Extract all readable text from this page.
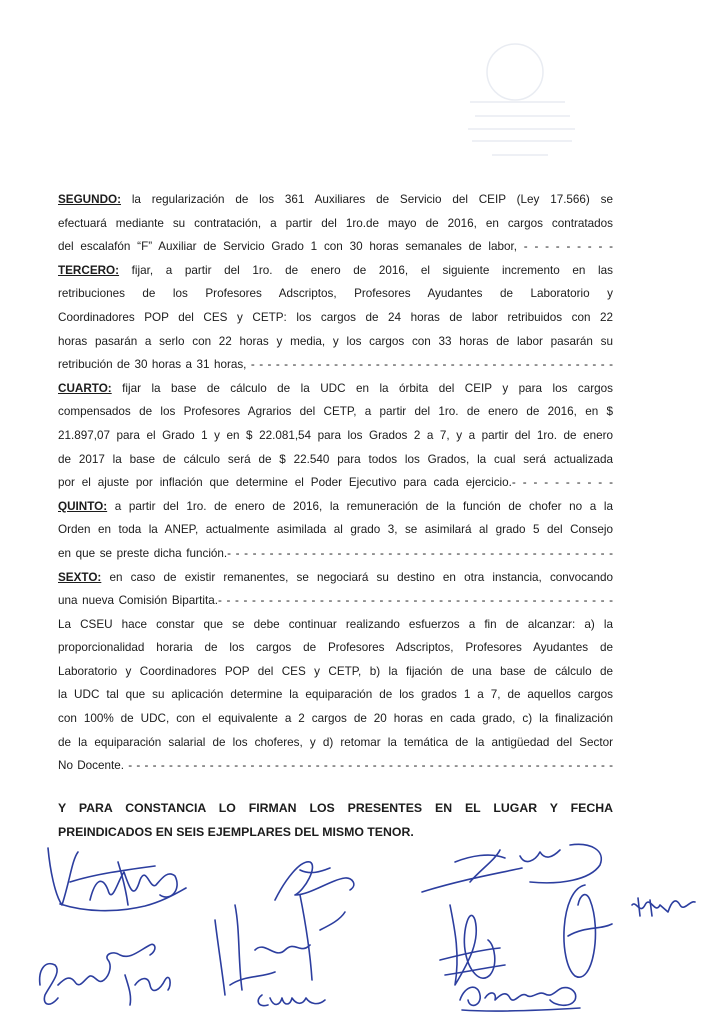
SEGUNDO: la regularización de los 361 Auxiliares de Servicio del CEIP (Ley 17.566) se
efectuará mediante su contratación, a partir del 1ro.de mayo de 2016, en cargos contratados
del escalafón “F” Auxiliar de Servicio Grado 1 con 30 horas semanales de labor, - - - - - - - - -
TERCERO: fijar, a partir del 1ro. de enero de 2016, el siguiente incremento en las
retribuciones de los Profesores Adscriptos, Profesores Ayudantes de Laboratorio y
Coordinadores POP del CES y CETP: los cargos de 24 horas de labor retribuidos con 22
horas pasarán a serlo con 22 horas y media, y los cargos con 33 horas de labor pasarán su
retribución de 30 horas a 31 horas, - - - - - - - - - - - - - - - - - - - - - - - - - - - - - - - - - - - - - - - - - - - -
CUARTO: fijar la base de cálculo de la UDC en la órbita del CEIP y para los cargos
compensados de los Profesores Agrarios del CETP, a partir del 1ro. de enero de 2016, en $
21.897,07 para el Grado 1 y en $ 22.081,54 para los Grados 2 a 7, y a partir del 1ro. de enero
de 2017 la base de cálculo será de $ 22.540 para todos los Grados, la cual será actualizada
por el ajuste por inflación que determine el Poder Ejecutivo para cada ejercicio.- - - - - - - - - -
QUINTO: a partir del 1ro. de enero de 2016, la remuneración de la función de chofer no a la
Orden en toda la ANEP, actualmente asimilada al grado 3, se asimilará al grado 5 del Consejo
en que se preste dicha función.- - - - - - - - - - - - - - - - - - - - - - - - - - - - - - - - - - - - - - - - - - - - - -
SEXTO: en caso de existir remanentes, se negociará su destino en otra instancia, convocando
una nueva Comisión Bipartita.- - - - - - - - - - - - - - - - - - - - - - - - - - - - - - - - - - - - - - - - - - - - - - -
La CSEU hace constar que se debe continuar realizando esfuerzos a fin de alcanzar: a) la
proporcionalidad horaria de los cargos de Profesores Adscriptos, Profesores Ayudantes de
Laboratorio y Coordinadores POP del CES y CETP, b) la fijación de una base de cálculo de
la UDC tal que su aplicación determine la equiparación de los grados 1 a 7, de aquellos cargos
con 100% de UDC, con el equivalente a 2 cargos de 20 horas en cada grado, c) la finalización
de la equiparación salarial de los choferes, y d) retomar la temática de la antigüedad del Sector
No Docente. - - - - - - - - - - - - - - - - - - - - - - - - - - - - - - - - - - - - - - - - - - - - - - - - - - - - - - - - - - - -
Y PARA CONSTANCIA LO FIRMAN LOS PRESENTES EN EL LUGAR Y FECHA
PREINDICADOS EN SEIS EJEMPLARES DEL MISMO TENOR.
